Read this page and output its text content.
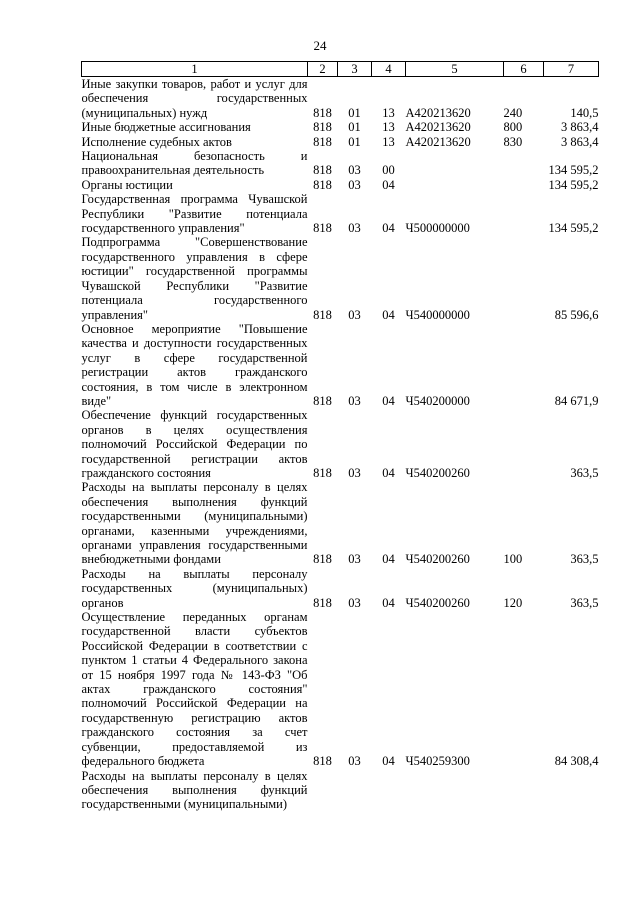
24
1	2	3	4	5	6	7
Иные закупки товаров, работ и услуг для обеспечения государственных (муниципальных) нужд	818	01	13	A420213620	240	140,5
Иные бюджетные ассигнования	818	01	13	A420213620	800	3 863,4
Исполнение судебных актов	818	01	13	A420213620	830	3 863,4
Национальная безопасность и правоохранительная деятельность	818	03	00			134 595,2
Органы юстиции	818	03	04			134 595,2
Государственная программа Чувашской Республики "Развитие потенциала государственного управления"	818	03	04	Ч500000000		134 595,2
Подпрограмма "Совершенствование государственного управления в сфере юстиции" государственной программы Чувашской Республики "Развитие потенциала государственного управления"	818	03	04	Ч540000000		85 596,6
Основное мероприятие "Повышение качества и доступности государственных услуг в сфере государственной регистрации актов гражданского состояния, в том числе в электронном виде"	818	03	04	Ч540200000		84 671,9
Обеспечение функций государственных органов в целях осуществления полномочий Российской Федерации по государственной регистрации актов гражданского состояния	818	03	04	Ч540200260		363,5
Расходы на выплаты персоналу в целях обеспечения выполнения функций государственными (муниципальными) органами, казенными учреждениями, органами управления государственными внебюджетными фондами	818	03	04	Ч540200260	100	363,5
Расходы на выплаты персоналу государственных (муниципальных) органов	818	03	04	Ч540200260	120	363,5
Осуществление переданных органам государственной власти субъектов Российской Федерации в соответствии с пунктом 1 статьи 4 Федерального закона от 15 ноября 1997 года № 143-ФЗ "Об актах гражданского состояния" полномочий Российской Федерации на государственную регистрацию актов гражданского состояния за счет субвенции, предоставляемой из федерального бюджета	818	03	04	Ч540259300		84 308,4
Расходы на выплаты персоналу в целях обеспечения выполнения функций государственными (муниципальными)						
